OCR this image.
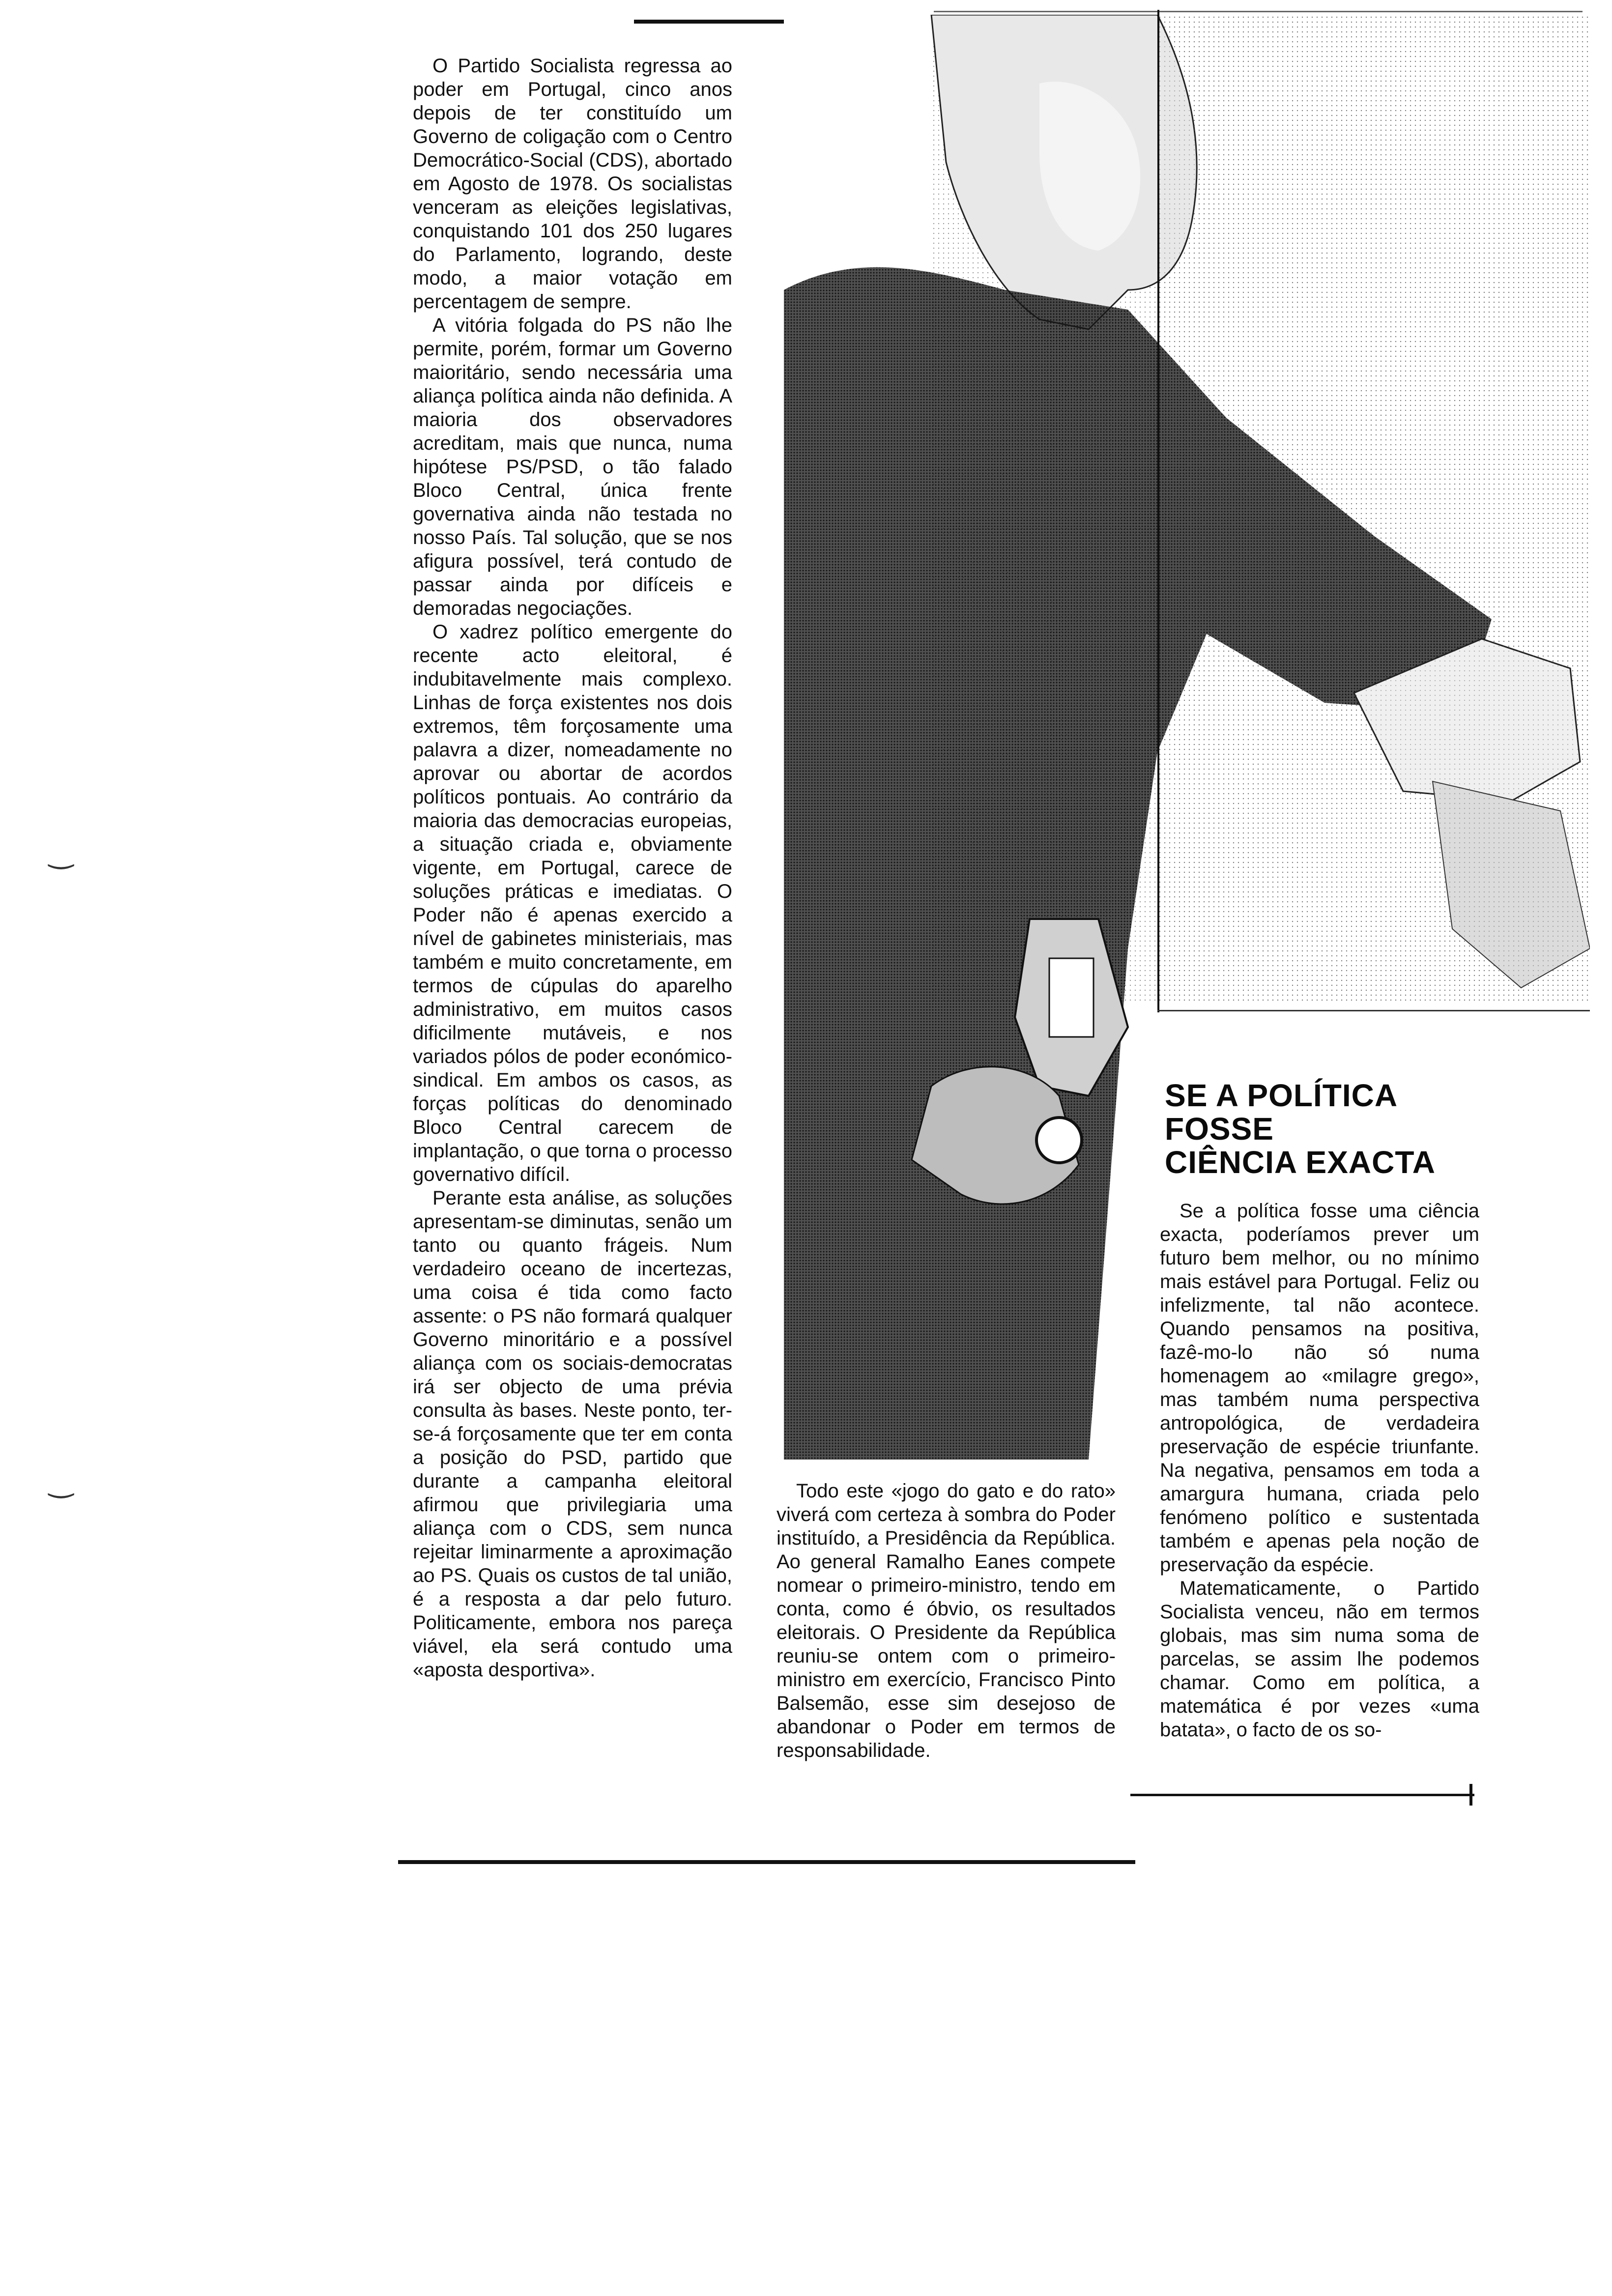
‿
‿

O Partido Socialista regressa ao poder em Portugal, cinco anos depois de ter constituído um Governo de coligação com o Centro Democrático-Social (CDS), abortado em Agosto de 1978. Os socialistas venceram as eleições legislativas, conquistando 101 dos 250 lugares do Parlamento, logrando, deste modo, a maior votação em percentagem de sempre.

A vitória folgada do PS não lhe permite, porém, formar um Governo maioritário, sendo necessária uma aliança política ainda não definida. A maioria dos observadores acreditam, mais que nunca, numa hipótese PS/PSD, o tão falado Bloco Central, única frente governativa ainda não testada no nosso País. Tal solução, que se nos afigura possível, terá contudo de passar ainda por difíceis e demoradas negociações.

O xadrez político emergente do recente acto eleitoral, é indubitavelmente mais complexo. Linhas de força existentes nos dois extremos, têm forçosamente uma palavra a dizer, nomeadamente no aprovar ou abortar de acordos políticos pontuais. Ao contrário da maioria das democracias europeias, a situação criada e, obviamente vigente, em Portugal, carece de soluções práticas e imediatas. O Poder não é apenas exercido a nível de gabinetes ministeriais, mas também e muito concretamente, em termos de cúpulas do aparelho administrativo, em muitos casos dificilmente mutáveis, e nos variados pólos de poder económico-sindical. Em ambos os casos, as forças políticas do denominado Bloco Central carecem de implantação, o que torna o processo governativo difícil.

Perante esta análise, as soluções apresentam-se diminutas, senão um tanto ou quanto frágeis. Num verdadeiro oceano de incertezas, uma coisa é tida como facto assente: o PS não formará qualquer Governo minoritário e a possível aliança com os sociais-democratas irá ser objecto de uma prévia consulta às bases. Neste ponto, ter-se-á forçosamente que ter em conta a posição do PSD, partido que durante a campanha eleitoral afirmou que privilegiaria uma aliança com o CDS, sem nunca rejeitar liminarmente a aproximação ao PS. Quais os custos de tal união, é a resposta a dar pelo futuro. Politicamente, embora nos pareça viável, ela será contudo uma «aposta desportiva».

SE A POLÍTICA
FOSSE
CIÊNCIA EXACTA

Se a política fosse uma ciência exacta, poderíamos prever um futuro bem melhor, ou no mínimo mais estável para Portugal. Feliz ou infelizmente, tal não acontece. Quando pensamos na positiva, fazê-mo-lo não só numa homenagem ao «milagre grego», mas também numa perspectiva antropológica, de verdadeira preservação de espécie triunfante. Na negativa, pensamos em toda a amargura humana, criada pelo fenómeno político e sustentada também e apenas pela noção de preservação da espécie.

Matematicamente, o Partido Socialista venceu, não em termos globais, mas sim numa soma de parcelas, se assim lhe podemos chamar. Como em política, a matemática é por vezes «uma batata», o facto de os so-

Todo este «jogo do gato e do rato» viverá com certeza à sombra do Poder instituído, a Presidência da República. Ao general Ramalho Eanes compete nomear o primeiro-ministro, tendo em conta, como é óbvio, os resultados eleitorais. O Presidente da República reuniu-se ontem com o primeiro-ministro em exercício, Francisco Pinto Balsemão, esse sim desejoso de abandonar o Poder em termos de responsabilidade.
